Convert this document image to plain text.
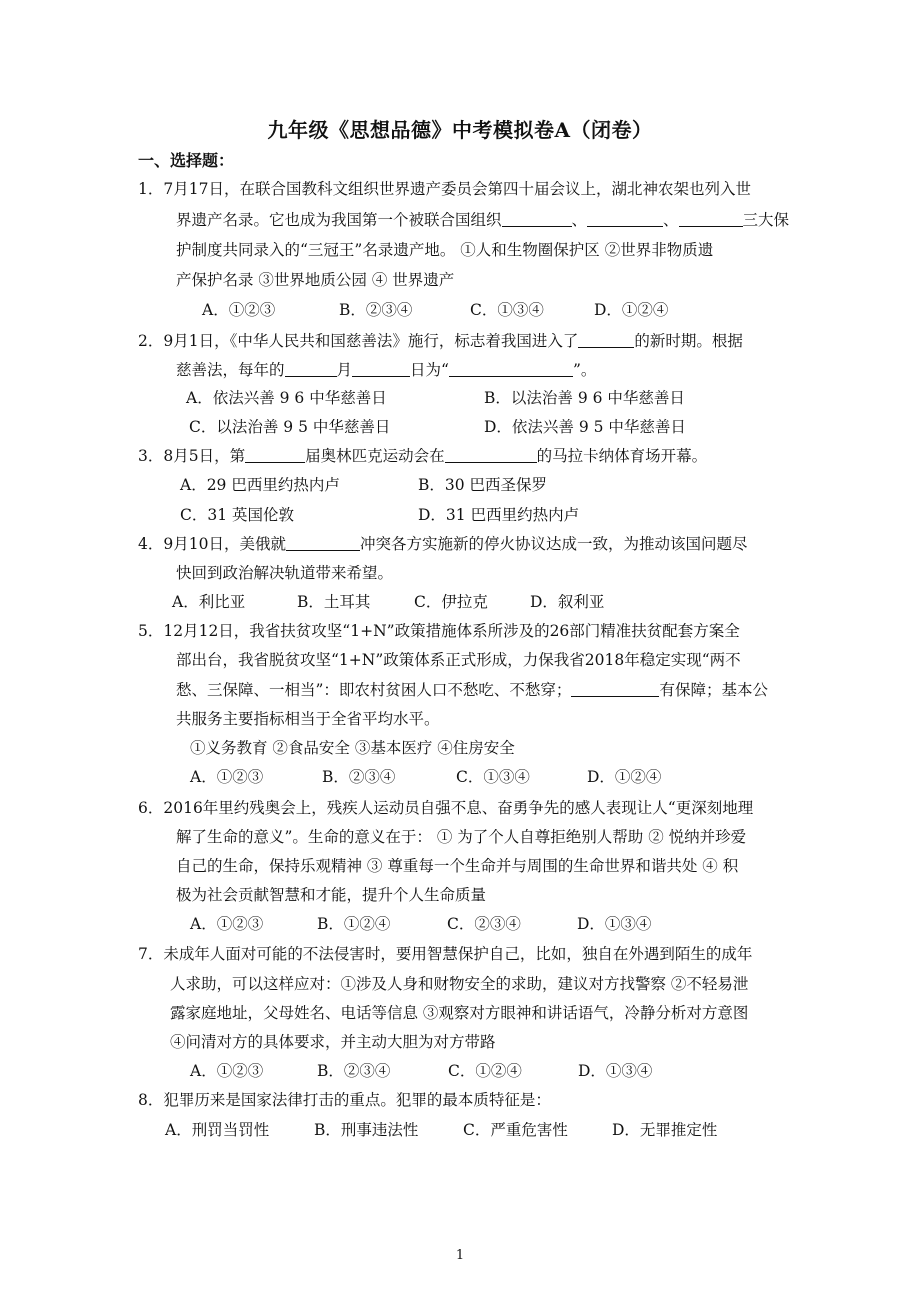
九年级《思想品德》中考模拟卷A（闭卷）
一、选择题：
1．7月17日，在联合国教科文组织世界遗产委员会第四十届会议上，湖北神农架也列入世
界遗产名录。它也成为我国第一个被联合国组织	、	、	三大保
护制度共同录入的“三冠王”名录遗产地。 ①人和生物圈保护区 ②世界非物质遗
产保护名录 ③世界地质公园 ④ 世界遗产
A．①②③	B．②③④	C．①③④	D．①②④
2．9月1日，《中华人民共和国慈善法》施行，标志着我国进入了	的新时期。根据
慈善法，每年的	月	日为“	”。
A．依法兴善 9 6 中华慈善日	B．以法治善 9 6 中华慈善日
C．以法治善 9 5 中华慈善日	D．依法兴善 9 5 中华慈善日
3．8月5日，第	届奥林匹克运动会在	的马拉卡纳体育场开幕。
A．29 巴西里约热内卢	B．30 巴西圣保罗
C．31 英国伦敦	D．31 巴西里约热内卢
4．9月10日，美俄就	冲突各方实施新的停火协议达成一致，为推动该国问题尽
快回到政治解决轨道带来希望。
A．利比亚	B．土耳其	C．伊拉克	D．叙利亚
5．12月12日，我省扶贫攻坚“1+N”政策措施体系所涉及的26部门精准扶贫配套方案全
部出台，我省脱贫攻坚“1+N”政策体系正式形成，力保我省2018年稳定实现“两不
愁、三保障、一相当”：即农村贫困人口不愁吃、不愁穿；	有保障；基本公
共服务主要指标相当于全省平均水平。
①义务教育 ②食品安全 ③基本医疗 ④住房安全
A．①②③	B．②③④	C．①③④	D．①②④
6．2016年里约残奥会上，残疾人运动员自强不息、奋勇争先的感人表现让人“更深刻地理
解了生命的意义”。生命的意义在于： ① 为了个人自尊拒绝别人帮助 ② 悦纳并珍爱
自己的生命，保持乐观精神 ③ 尊重每一个生命并与周围的生命世界和谐共处 ④ 积
极为社会贡献智慧和才能，提升个人生命质量
A．①②③	B．①②④	C．②③④	D．①③④
7．未成年人面对可能的不法侵害时，要用智慧保护自己，比如，独自在外遇到陌生的成年
人求助，可以这样应对：①涉及人身和财物安全的求助，建议对方找警察 ②不轻易泄
露家庭地址，父母姓名、电话等信息 ③观察对方眼神和讲话语气，冷静分析对方意图
④问清对方的具体要求，并主动大胆为对方带路
A．①②③	B．②③④	C．①②④	D．①③④
8．犯罪历来是国家法律打击的重点。犯罪的最本质特征是：
A．刑罚当罚性	B．刑事违法性	C．严重危害性	D．无罪推定性
1
